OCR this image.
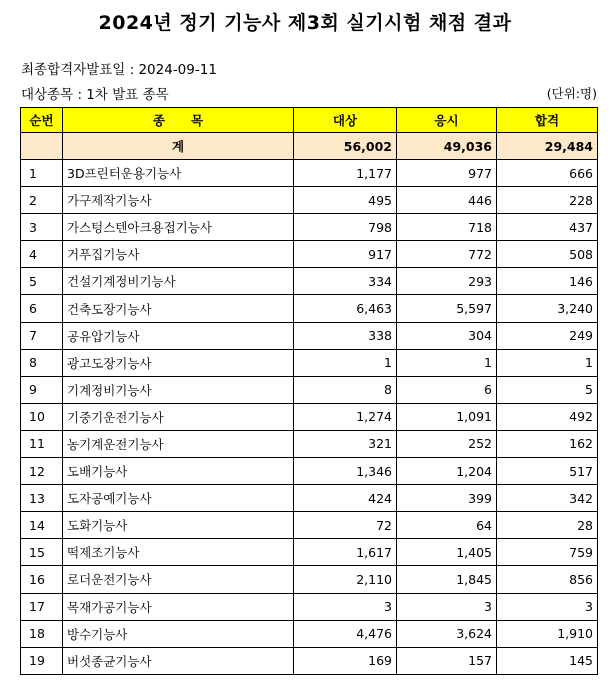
2024년 정기 기능사 제3회 실기시험 채점 결과
최종합격자발표일 : 2024-09-11
대상종목 : 1차 발표 종목	(단위:명)
순번	종      목	대상	응시	합격
	계	56,002	49,036	29,484
1	3D프린터운용기능사	1,177	977	666
2	가구제작기능사	495	446	228
3	가스텅스텐아크용접기능사	798	718	437
4	거푸집기능사	917	772	508
5	건설기계정비기능사	334	293	146
6	건축도장기능사	6,463	5,597	3,240
7	공유압기능사	338	304	249
8	광고도장기능사	1	1	1
9	기계정비기능사	8	6	5
10	기중기운전기능사	1,274	1,091	492
11	농기계운전기능사	321	252	162
12	도배기능사	1,346	1,204	517
13	도자공예기능사	424	399	342
14	도화기능사	72	64	28
15	떡제조기능사	1,617	1,405	759
16	로더운전기능사	2,110	1,845	856
17	목재가공기능사	3	3	3
18	방수기능사	4,476	3,624	1,910
19	버섯종균기능사	169	157	145
